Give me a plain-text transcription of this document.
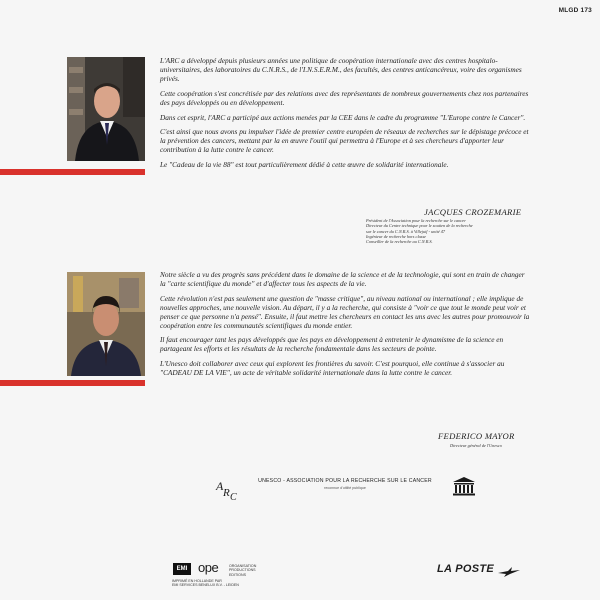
MLGD 173

L'ARC a développé depuis plusieurs années une politique de coopération internationale avec des centres hospitalo-universitaires, des laboratoires du C.N.R.S., de l'I.N.S.E.R.M., des facultés, des centres anticancéreux, voire des organismes privés.

Cette coopération s'est concrétisée par des relations avec des représentants de nombreux gouvernements chez nos partenaires des pays développés ou en développement.

Dans cet esprit, l'ARC a participé aux actions menées par la CEE dans le cadre du programme "L'Europe contre le Cancer".

C'est ainsi que nous avons pu impulser l'idée de premier centre européen de réseaux de recherches sur le dépistage précoce et la prévention des cancers, mettant par la en œuvre l'outil qui permettra à l'Europe et à ses chercheurs d'apporter leur contribution à la lutte contre le cancer.

Le "Cadeau de la vie 88" est tout particulièrement dédié à cette œuvre de solidarité internationale.

JACQUES CROZEMARIE
Président de l'Association pour la recherche sur le cancer
Directeur du Centre technique pour le soutien de la recherche
sur le cancer du C.N.R.S. à Villejuif - unité 47
Ingénieur de recherche hors classe
Conseiller de la recherche au C.N.R.S.

Notre siècle a vu des progrès sans précédent dans le domaine de la science et de la technologie, qui sont en train de changer la "carte scientifique du monde" et d'affecter tous les aspects de la vie.

Cette révolution n'est pas seulement une question de "masse critique", au niveau national ou international ; elle implique de nouvelles approches, une nouvelle vision. Au départ, il y a la recherche, qui consiste à "voir ce que tout le monde peut voir et penser ce que personne n'a pensé". Ensuite, il faut mettre les chercheurs en contact les uns avec les autres pour promouvoir la coopération entre les communautés scientifiques du monde entier.

Il faut encourager tant les pays développés que les pays en développement à entretenir le dynamisme de la science en partageant les efforts et les résultats de la recherche fondamentale dans les secteurs de pointe.

L'Unesco doit collaborer avec ceux qui explorent les frontières du savoir. C'est pourquoi, elle continue à s'associer au "CADEAU DE LA VIE", un acte de véritable solidarité internationale dans la lutte contre le cancer.

FEDERICO MAYOR
Directeur général de l'Unesco
A R C
UNESCO - ASSOCIATION POUR LA RECHERCHE SUR LE CANCER
reconnue d'utilité publique
EMI ope	ORGANISATION PRODUCTIONS EDITIONS
IMPRIMÉ EN HOLLANDE PAR
EMI SERVICES BENELUX B.V. - LEIDEN
LA POSTE
